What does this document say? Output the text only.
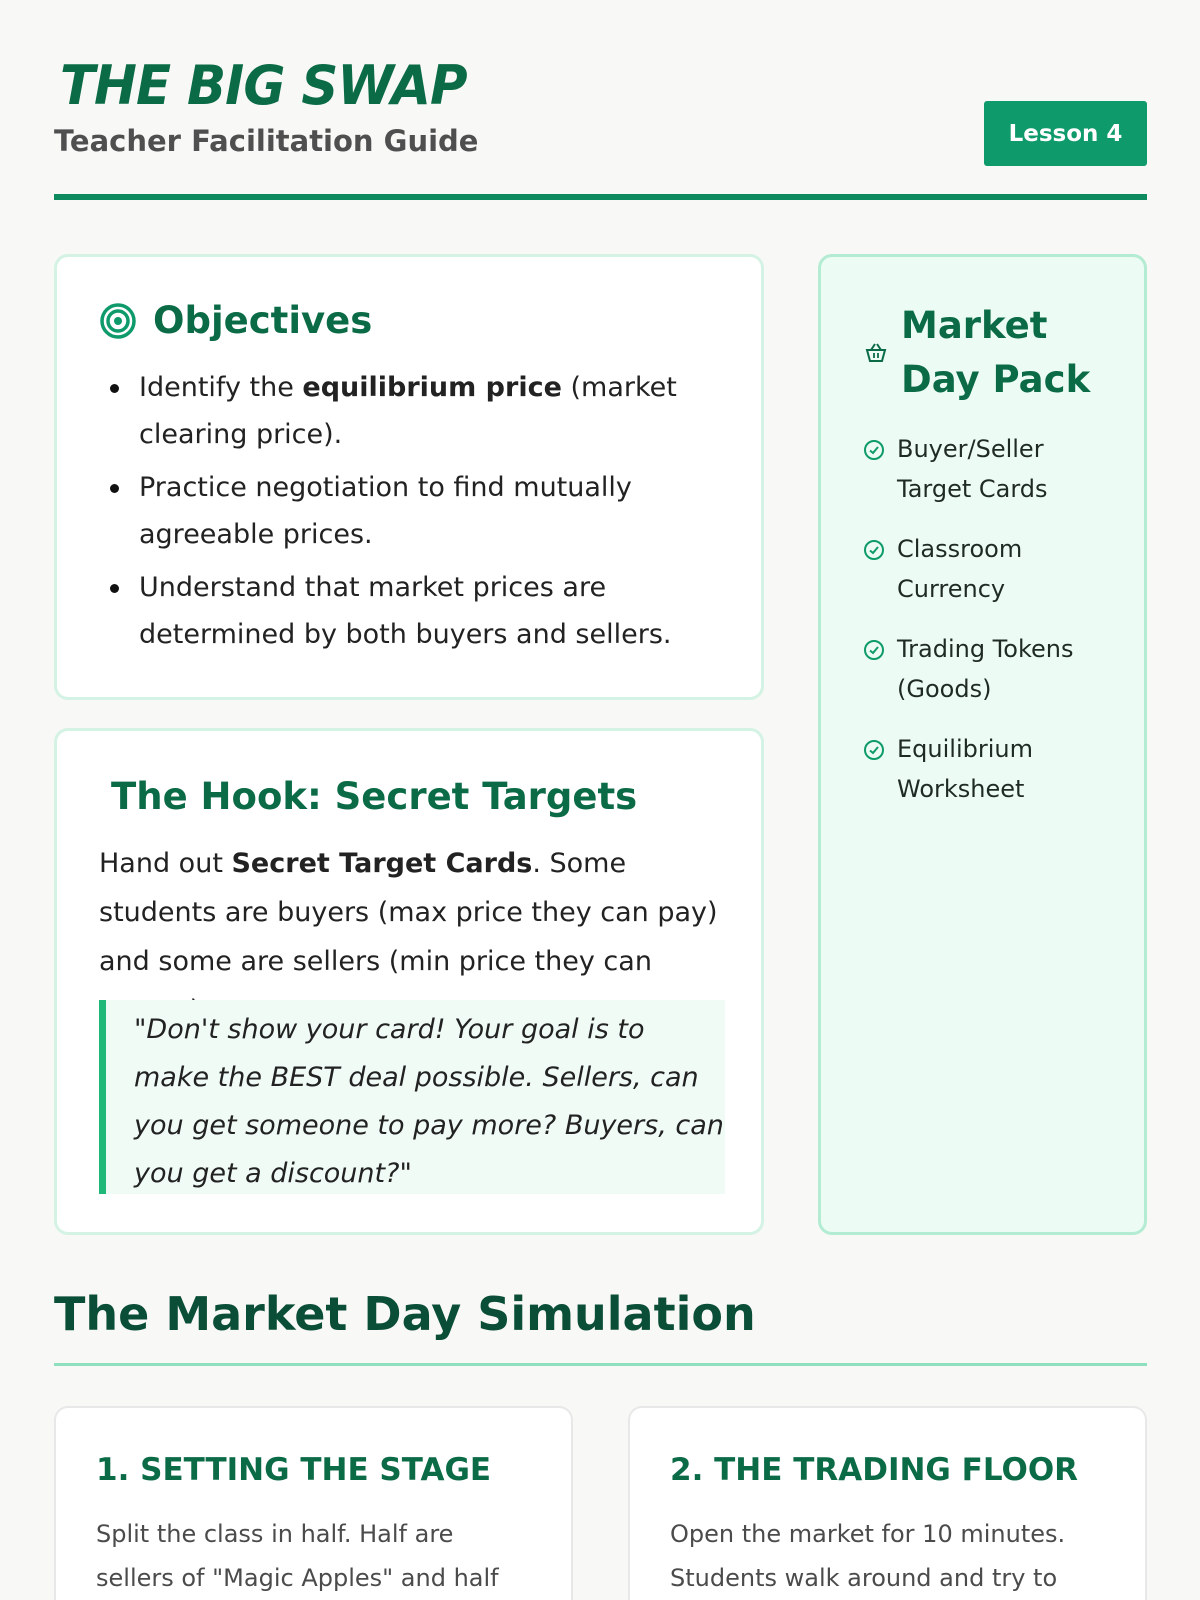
THE BIG SWAP
Teacher Facilitation Guide	Lesson 4
Objectives
Identify the equilibrium price (market clearing price).
Practice negotiation to find mutually agreeable prices.
Understand that market prices are determined by both buyers and sellers.
The Hook: Secret Targets
Hand out Secret Target Cards. Some students are buyers (max price they can pay) and some are sellers (min price they can
"Don't show your card! Your goal is to make the BEST deal possible. Sellers, can you get someone to pay more? Buyers, can you get a discount?"
Market Day Pack
Buyer/Seller Target Cards
Classroom Currency
Trading Tokens (Goods)
Equilibrium Worksheet
The Market Day Simulation
1. SETTING THE STAGE
Split the class in half. Half are sellers of "Magic Apples" and half
2. THE TRADING FLOOR
Open the market for 10 minutes. Students walk around and try to
